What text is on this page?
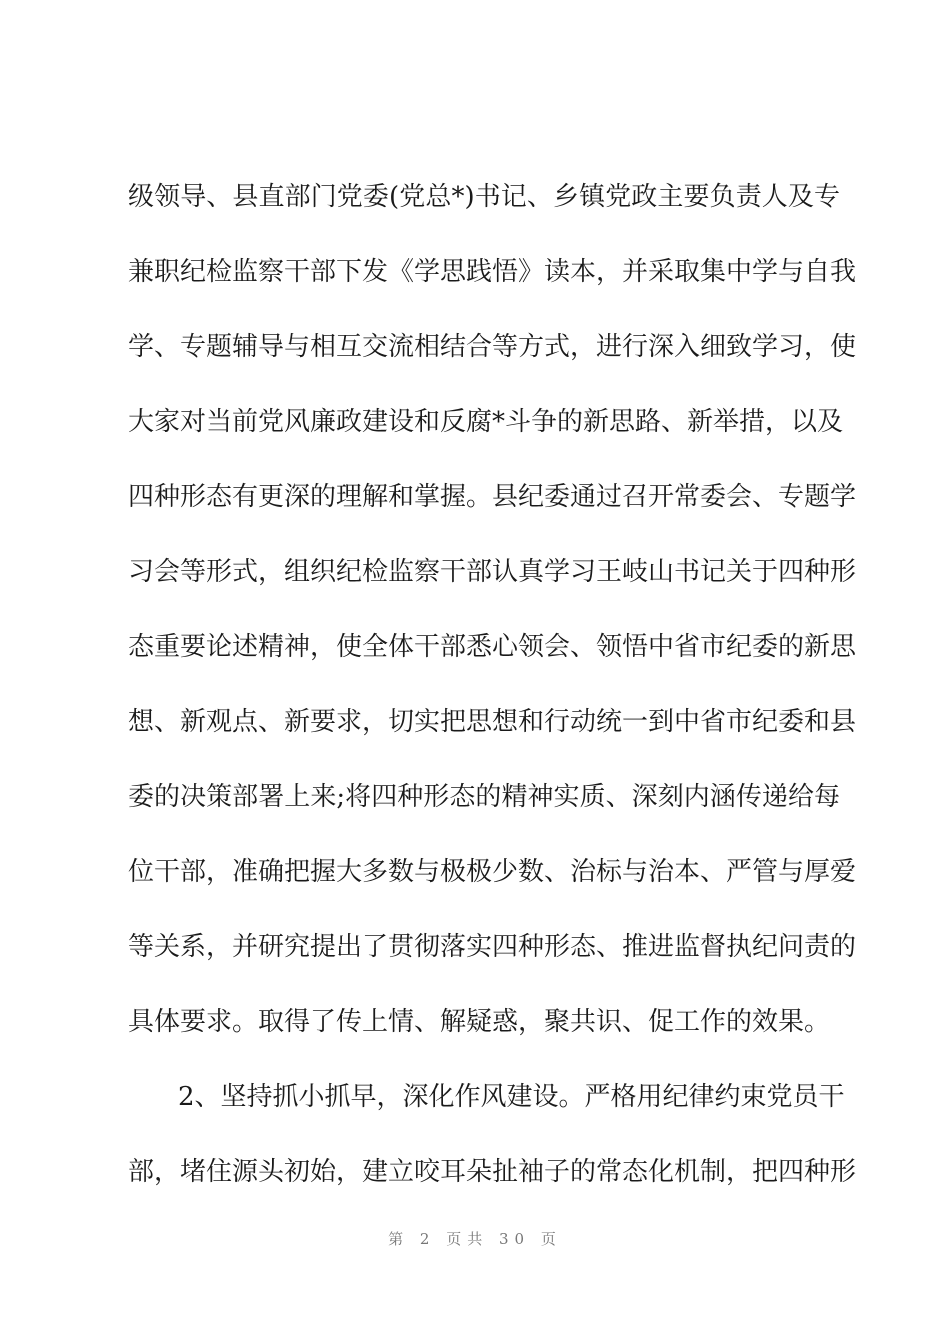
级领导、县直部门党委(党总*)书记、乡镇党政主要负责人及专
兼职纪检监察干部下发《学思践悟》读本，并采取集中学与自我
学、专题辅导与相互交流相结合等方式，进行深入细致学习，使
大家对当前党风廉政建设和反腐*斗争的新思路、新举措，以及
四种形态有更深的理解和掌握。县纪委通过召开常委会、专题学
习会等形式，组织纪检监察干部认真学习王岐山书记关于四种形
态重要论述精神，使全体干部悉心领会、领悟中省市纪委的新思
想、新观点、新要求，切实把思想和行动统一到中省市纪委和县
委的决策部署上来;将四种形态的精神实质、深刻内涵传递给每
位干部，准确把握大多数与极极少数、治标与治本、严管与厚爱
等关系，并研究提出了贯彻落实四种形态、推进监督执纪问责的
具体要求。取得了传上情、解疑惑，聚共识、促工作的效果。
2、坚持抓小抓早，深化作风建设。严格用纪律约束党员干
部，堵住源头初始，建立咬耳朵扯袖子的常态化机制，把四种形
第 2 页共 30 页
